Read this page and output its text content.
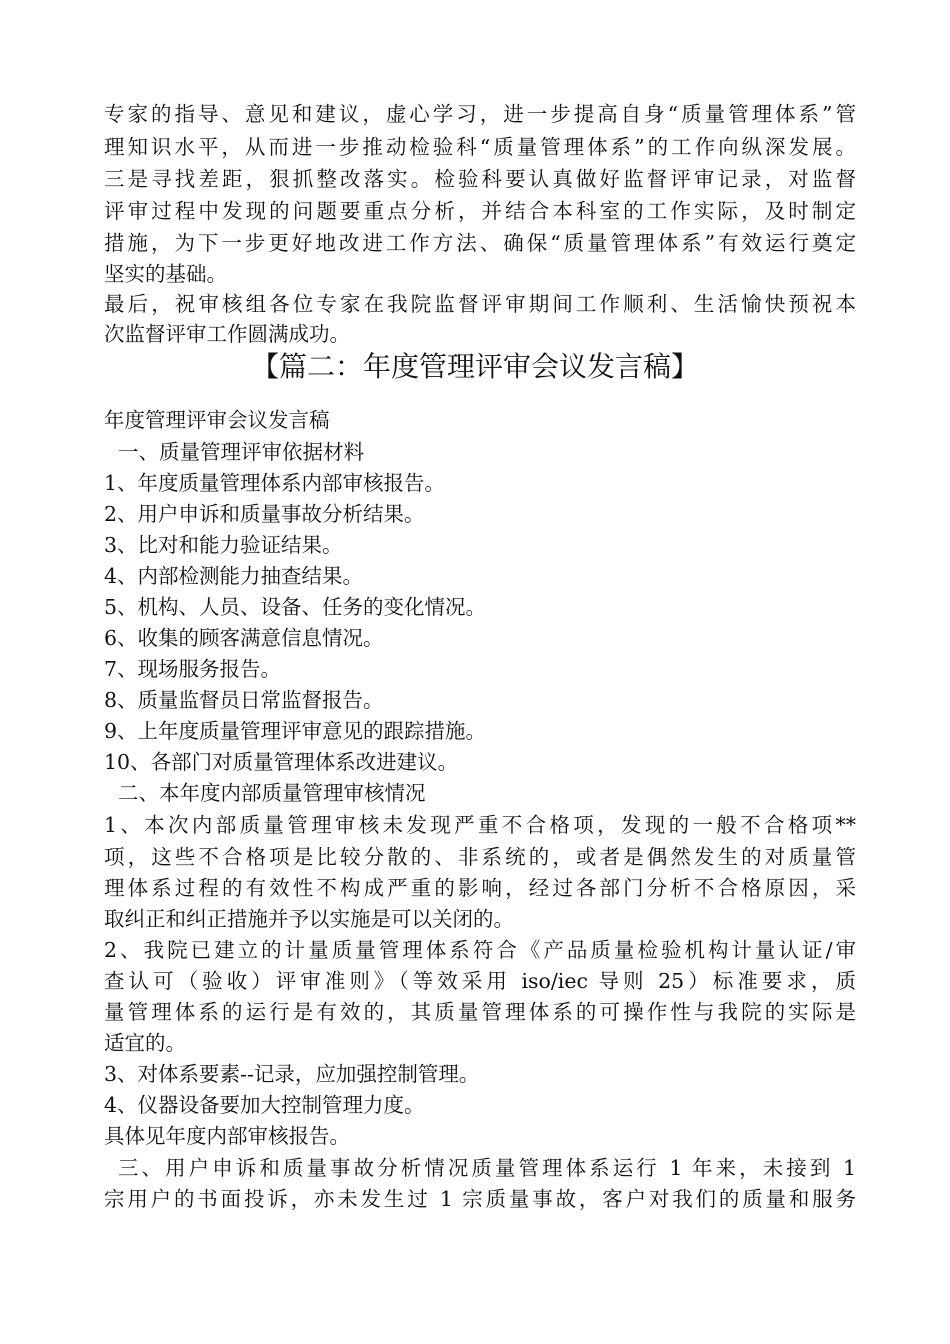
专家的指导、意见和建议，虚心学习，进一步提高自身“质量管理体系”管
理知识水平，从而进一步推动检验科“质量管理体系”的工作向纵深发展。
三是寻找差距，狠抓整改落实。检验科要认真做好监督评审记录，对监督
评审过程中发现的问题要重点分析，并结合本科室的工作实际，及时制定
措施，为下一步更好地改进工作方法、确保“质量管理体系”有效运行奠定
坚实的基础。
最后，祝审核组各位专家在我院监督评审期间工作顺利、生活愉快预祝本
次监督评审工作圆满成功。
【篇二：年度管理评审会议发言稿】
年度管理评审会议发言稿
一、质量管理评审依据材料
1、年度质量管理体系内部审核报告。
2、用户申诉和质量事故分析结果。
3、比对和能力验证结果。
4、内部检测能力抽查结果。
5、机构、人员、设备、任务的变化情况。
6、收集的顾客满意信息情况。
7、现场服务报告。
8、质量监督员日常监督报告。
9、上年度质量管理评审意见的跟踪措施。
10、各部门对质量管理体系改进建议。
二、本年度内部质量管理审核情况
1、本次内部质量管理审核未发现严重不合格项，发现的一般不合格项**
项，这些不合格项是比较分散的、非系统的，或者是偶然发生的对质量管
理体系过程的有效性不构成严重的影响，经过各部门分析不合格原因，采
取纠正和纠正措施并予以实施是可以关闭的。
2、我院已建立的计量质量管理体系符合《产品质量检验机构计量认证/审
查认可（验收）评审准则》（等效采用 iso/iec 导则 25）标准要求，质
量管理体系的运行是有效的，其质量管理体系的可操作性与我院的实际是
适宜的。
3、对体系要素--记录，应加强控制管理。
4、仪器设备要加大控制管理力度。
具体见年度内部审核报告。
三、用户申诉和质量事故分析情况质量管理体系运行 1 年来，未接到 1
宗用户的书面投诉，亦未发生过 1 宗质量事故，客户对我们的质量和服务
